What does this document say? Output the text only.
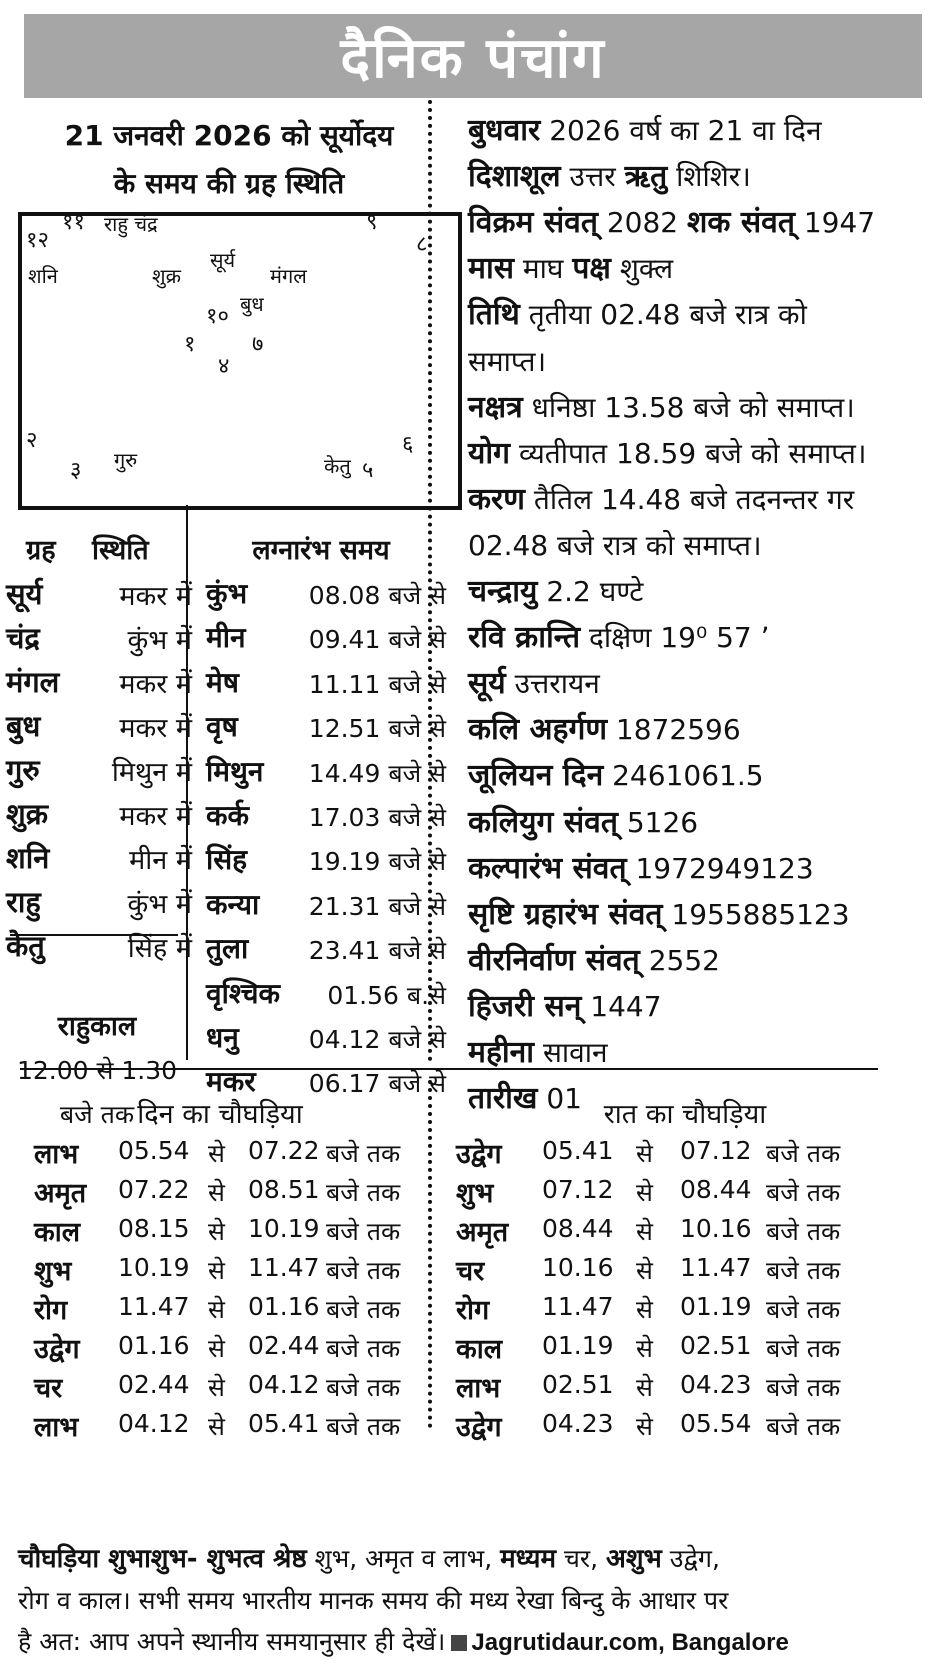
दैनिक पंचांग
21 जनवरी 2026 को सूर्योदय
के समय की ग्रह स्थिति
११ राहु चंद्र
१२
९
८
शनि	शुक्र
सूर्य
मंगल
१० बुध
१	७
४
२	६
३ गुरु	केतु ५
ग्रह स्थिति
सूर्य	मकर में
चंद्र	कुंभ में
मंगल मकर में
बुध	मकर में
गुरु	मिथुन में
शुक्र	मकर में
शनि	मीन में
राहु	कुंभ में
केतु	सिंह में
लग्नारंभ समय
कुंभ 08.08 बजे से
मीन	09.41 बजे से
मेष	11.11 बजे से
वृष	12.51 बजे से
मिथुन 14.49 बजे से
कर्क 17.03 बजे से
सिंह 19.19 बजे से
कन्या 21.31 बजे से
तुला 23.41 बजे से
वृश्चिक 01.56 ब.से
धनु	04.12 बजे से
मकर 06.17 बजे से
राहुकाल
12.00 से 1.30
बजे तक
बुधवार 2026 वर्ष का 21 वा दिन
दिशाशूल उत्तर ऋतु शिशिर।
विक्रम संवत् 2082 शक संवत् 1947
मास माघ पक्ष शुक्ल
तिथि तृतीया 02.48 बजे रात्र को
समाप्त।
नक्षत्र धनिष्ठा 13.58 बजे को समाप्त।
योग व्यतीपात 18.59 बजे को समाप्त।
करण तैतिल 14.48 बजे तदनन्तर गर
02.48 बजे रात्र को समाप्त।
चन्द्रायु 2.2 घण्टे
रवि क्रान्ति दक्षिण 19⁰ 57 ʼ
सूर्य उत्तरायन
कलि अहर्गण 1872596
जूलियन दिन 2461061.5
कलियुग संवत् 5126
कल्पारंभ संवत् 1972949123
सृष्टि ग्रहारंभ संवत् 1955885123
वीरनिर्वाण संवत् 2552
हिजरी सन् 1447
महीना सावान
तारीख 01
दिन का चौघड़िया	रात का चौघड़िया
लाभ 05.54 से 07.22 बजे तक
अमृत 07.22 से 08.51 बजे तक
काल 08.15 से 10.19 बजे तक
शुभ 10.19 से 11.47 बजे तक
रोग 11.47 से 01.16 बजे तक
उद्वेग 01.16 से 02.44 बजे तक
चर 02.44 से 04.12 बजे तक
लाभ 04.12 से 05.41 बजे तक
उद्वेग 05.41 से 07.12 बजे तक
शुभ 07.12 से 08.44 बजे तक
अमृत 08.44 से 10.16 बजे तक
चर 10.16 से 11.47 बजे तक
रोग 11.47 से 01.19 बजे तक
काल 01.19 से 02.51 बजे तक
लाभ 02.51 से 04.23 बजे तक
उद्वेग 04.23 से 05.54 बजे तक
चौघड़िया शुभाशुभ- शुभत्व श्रेष्ठ शुभ, अमृत व लाभ, मध्यम चर, अशुभ उद्वेग,
रोग व काल। सभी समय भारतीय मानक समय की मध्य रेखा बिन्दु के आधार पर
है अत: आप अपने स्थानीय समयानुसार ही देखें। Jagrutidaur.com, Bangalore
